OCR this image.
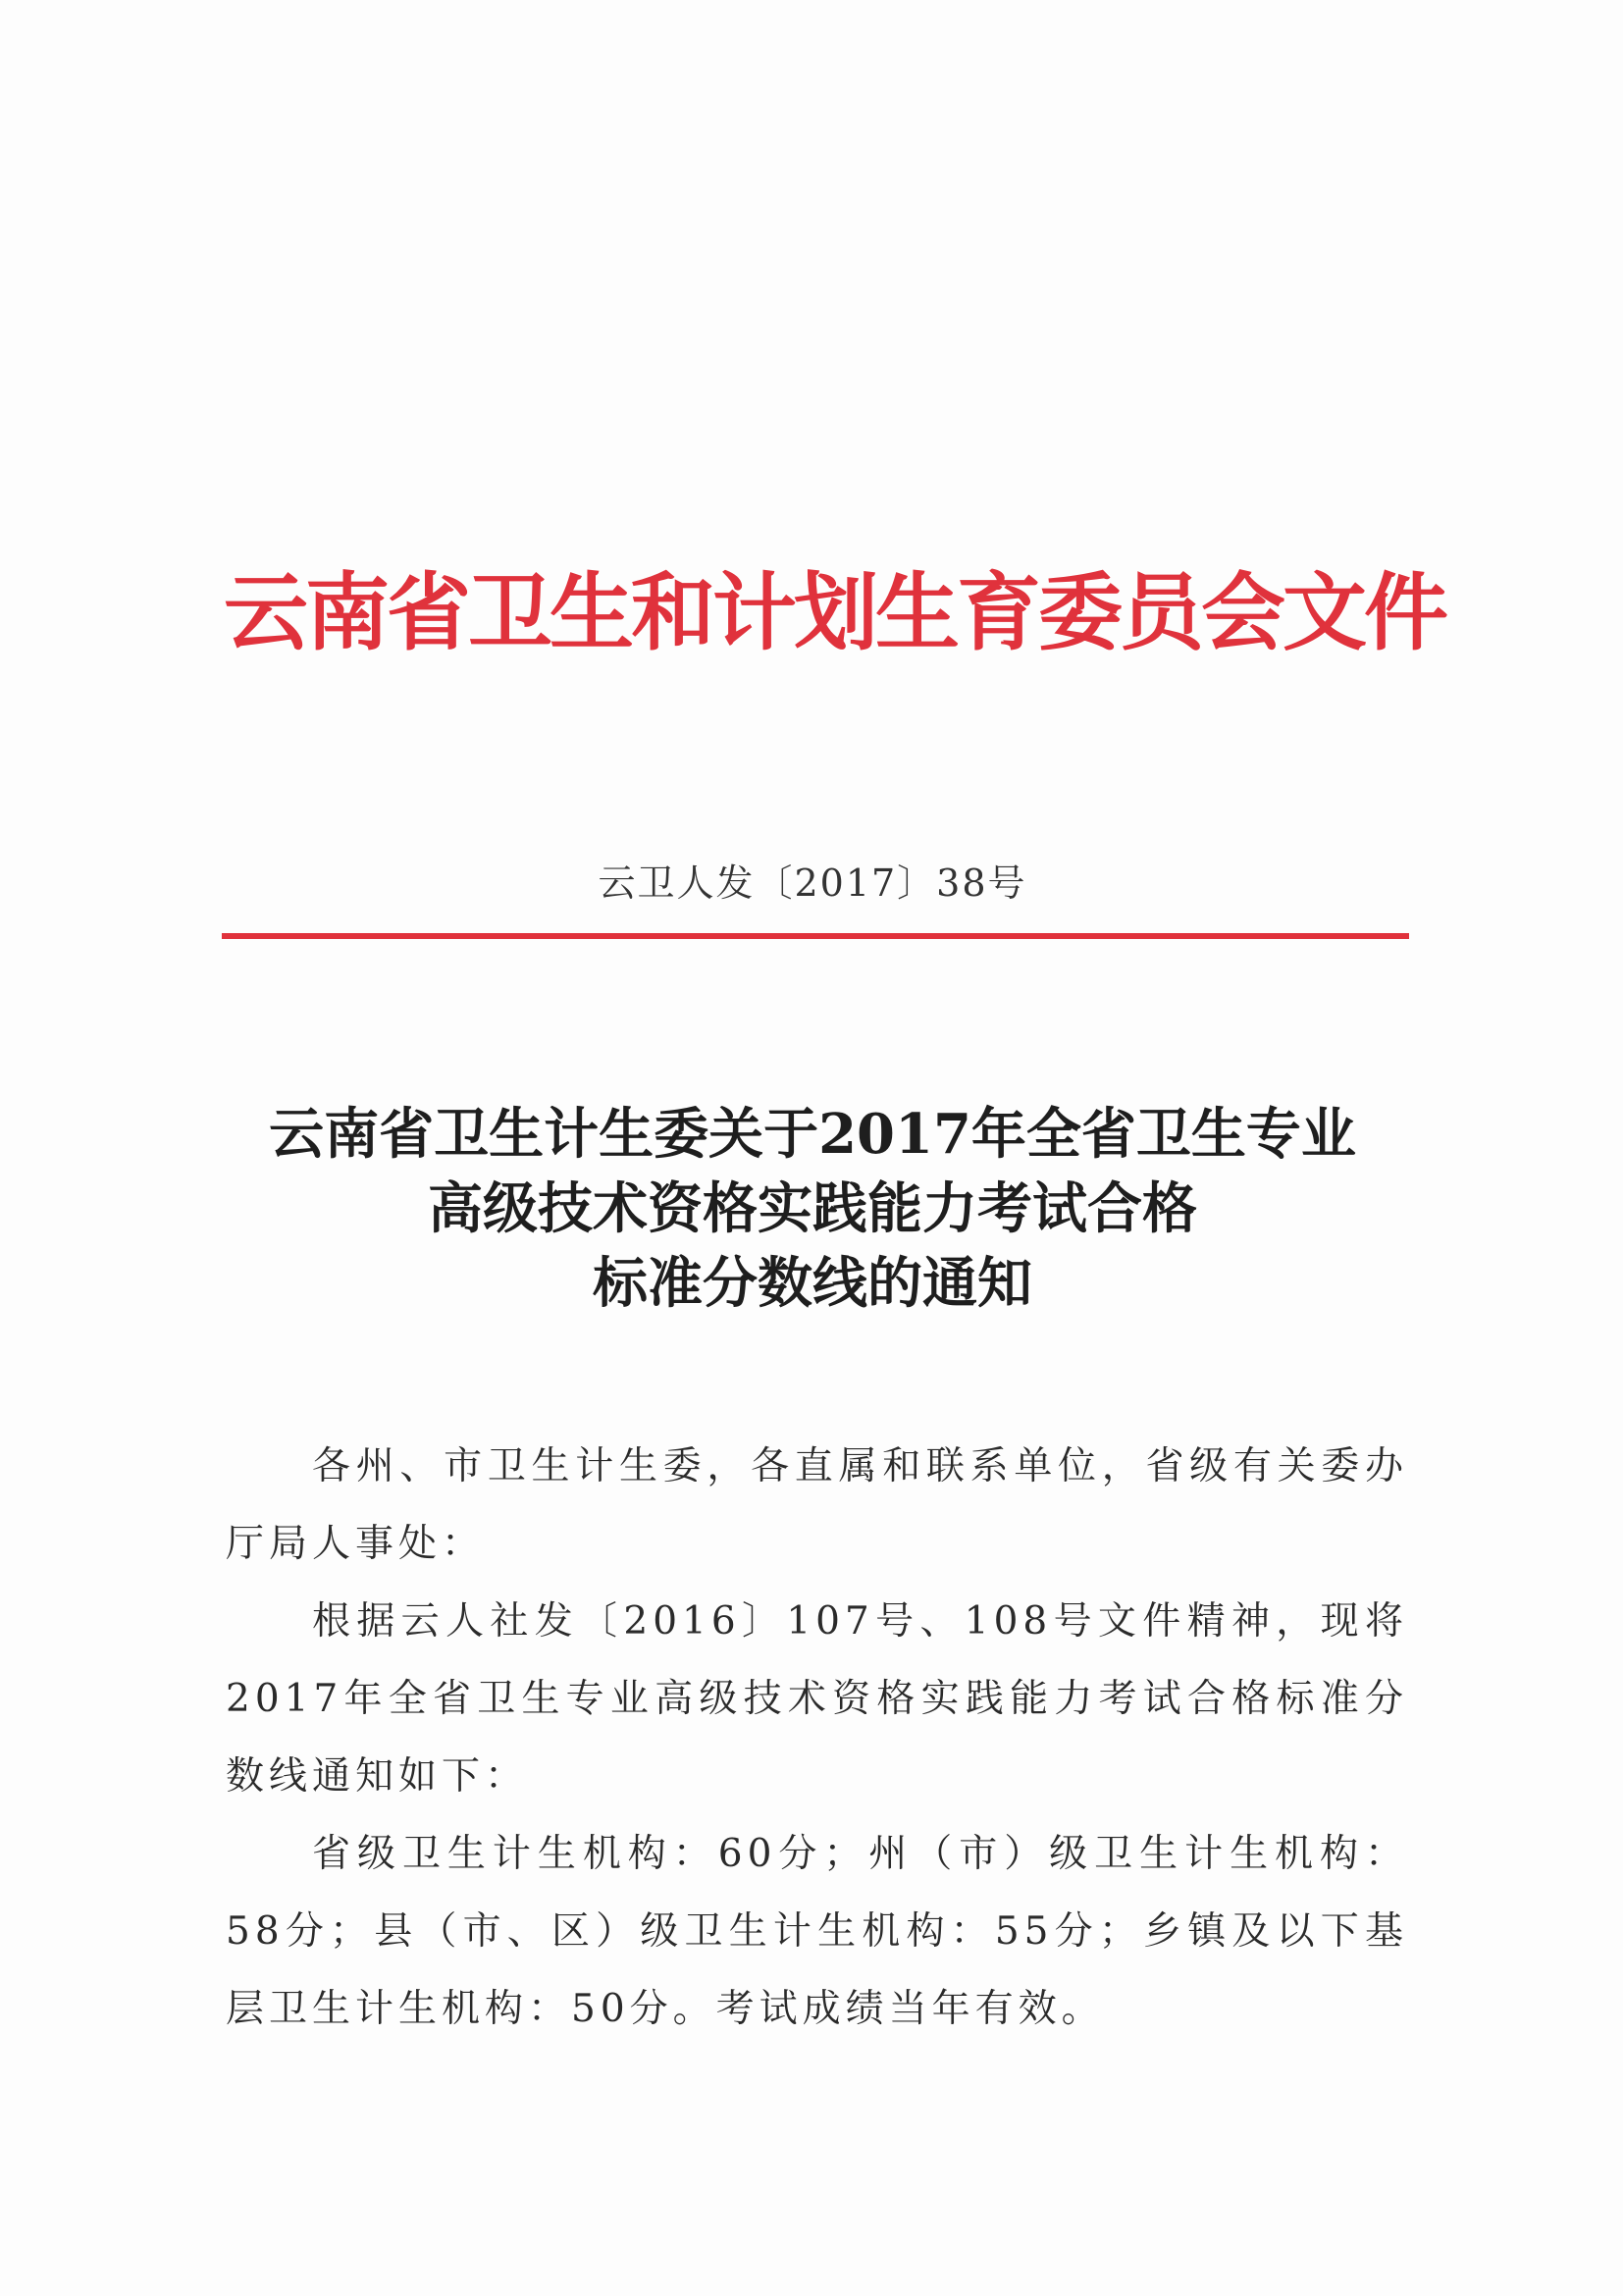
云南省卫生和计划生育委员会文件
云卫人发〔2017〕38号
云南省卫生计生委关于2017年全省卫生专业
高级技术资格实践能力考试合格
标准分数线的通知

各州、市卫生计生委，各直属和联系单位，省级有关委办厅局人事处：

根据云人社发〔2016〕107号、108号文件精神，现将2017年全省卫生专业高级技术资格实践能力考试合格标准分数线通知如下：

省级卫生计生机构：60分；州（市）级卫生计生机构：58分；县（市、区）级卫生计生机构：55分；乡镇及以下基层卫生计生机构：50分。考试成绩当年有效。
